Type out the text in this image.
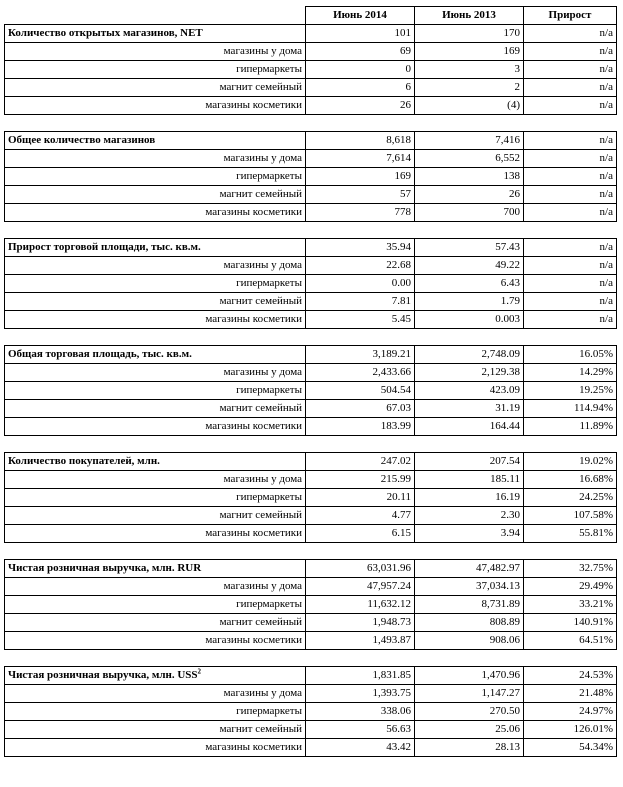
	Июнь 2014	Июнь 2013	Прирост
Количество открытых магазинов, NET	101	170	n/a
магазины у дома	69	169	n/a
гипермаркеты	0	3	n/a
магнит семейный	6	2	n/a
магазины косметики	26	(4)	n/a

Общее количество магазинов	8,618	7,416	n/a
магазины у дома	7,614	6,552	n/a
гипермаркеты	169	138	n/a
магнит семейный	57	26	n/a
магазины косметики	778	700	n/a

Прирост торговой площади, тыс. кв.м.	35.94	57.43	n/a
магазины у дома	22.68	49.22	n/a
гипермаркеты	0.00	6.43	n/a
магнит семейный	7.81	1.79	n/a
магазины косметики	5.45	0.003	n/a

Общая торговая площадь, тыс. кв.м.	3,189.21	2,748.09	16.05%
магазины у дома	2,433.66	2,129.38	14.29%
гипермаркеты	504.54	423.09	19.25%
магнит семейный	67.03	31.19	114.94%
магазины косметики	183.99	164.44	11.89%

Количество покупателей, млн.	247.02	207.54	19.02%
магазины у дома	215.99	185.11	16.68%
гипермаркеты	20.11	16.19	24.25%
магнит семейный	4.77	2.30	107.58%
магазины косметики	6.15	3.94	55.81%

Чистая розничная выручка, млн. RUR	63,031.96	47,482.97	32.75%
магазины у дома	47,957.24	37,034.13	29.49%
гипермаркеты	11,632.12	8,731.89	33.21%
магнит семейный	1,948.73	808.89	140.91%
магазины косметики	1,493.87	908.06	64.51%

Чистая розничная выручка, млн. USS$^2$	1,831.85	1,470.96	24.53%
магазины у дома	1,393.75	1,147.27	21.48%
гипермаркеты	338.06	270.50	24.97%
магнит семейный	56.63	25.06	126.01%
магазины косметики	43.42	28.13	54.34%
